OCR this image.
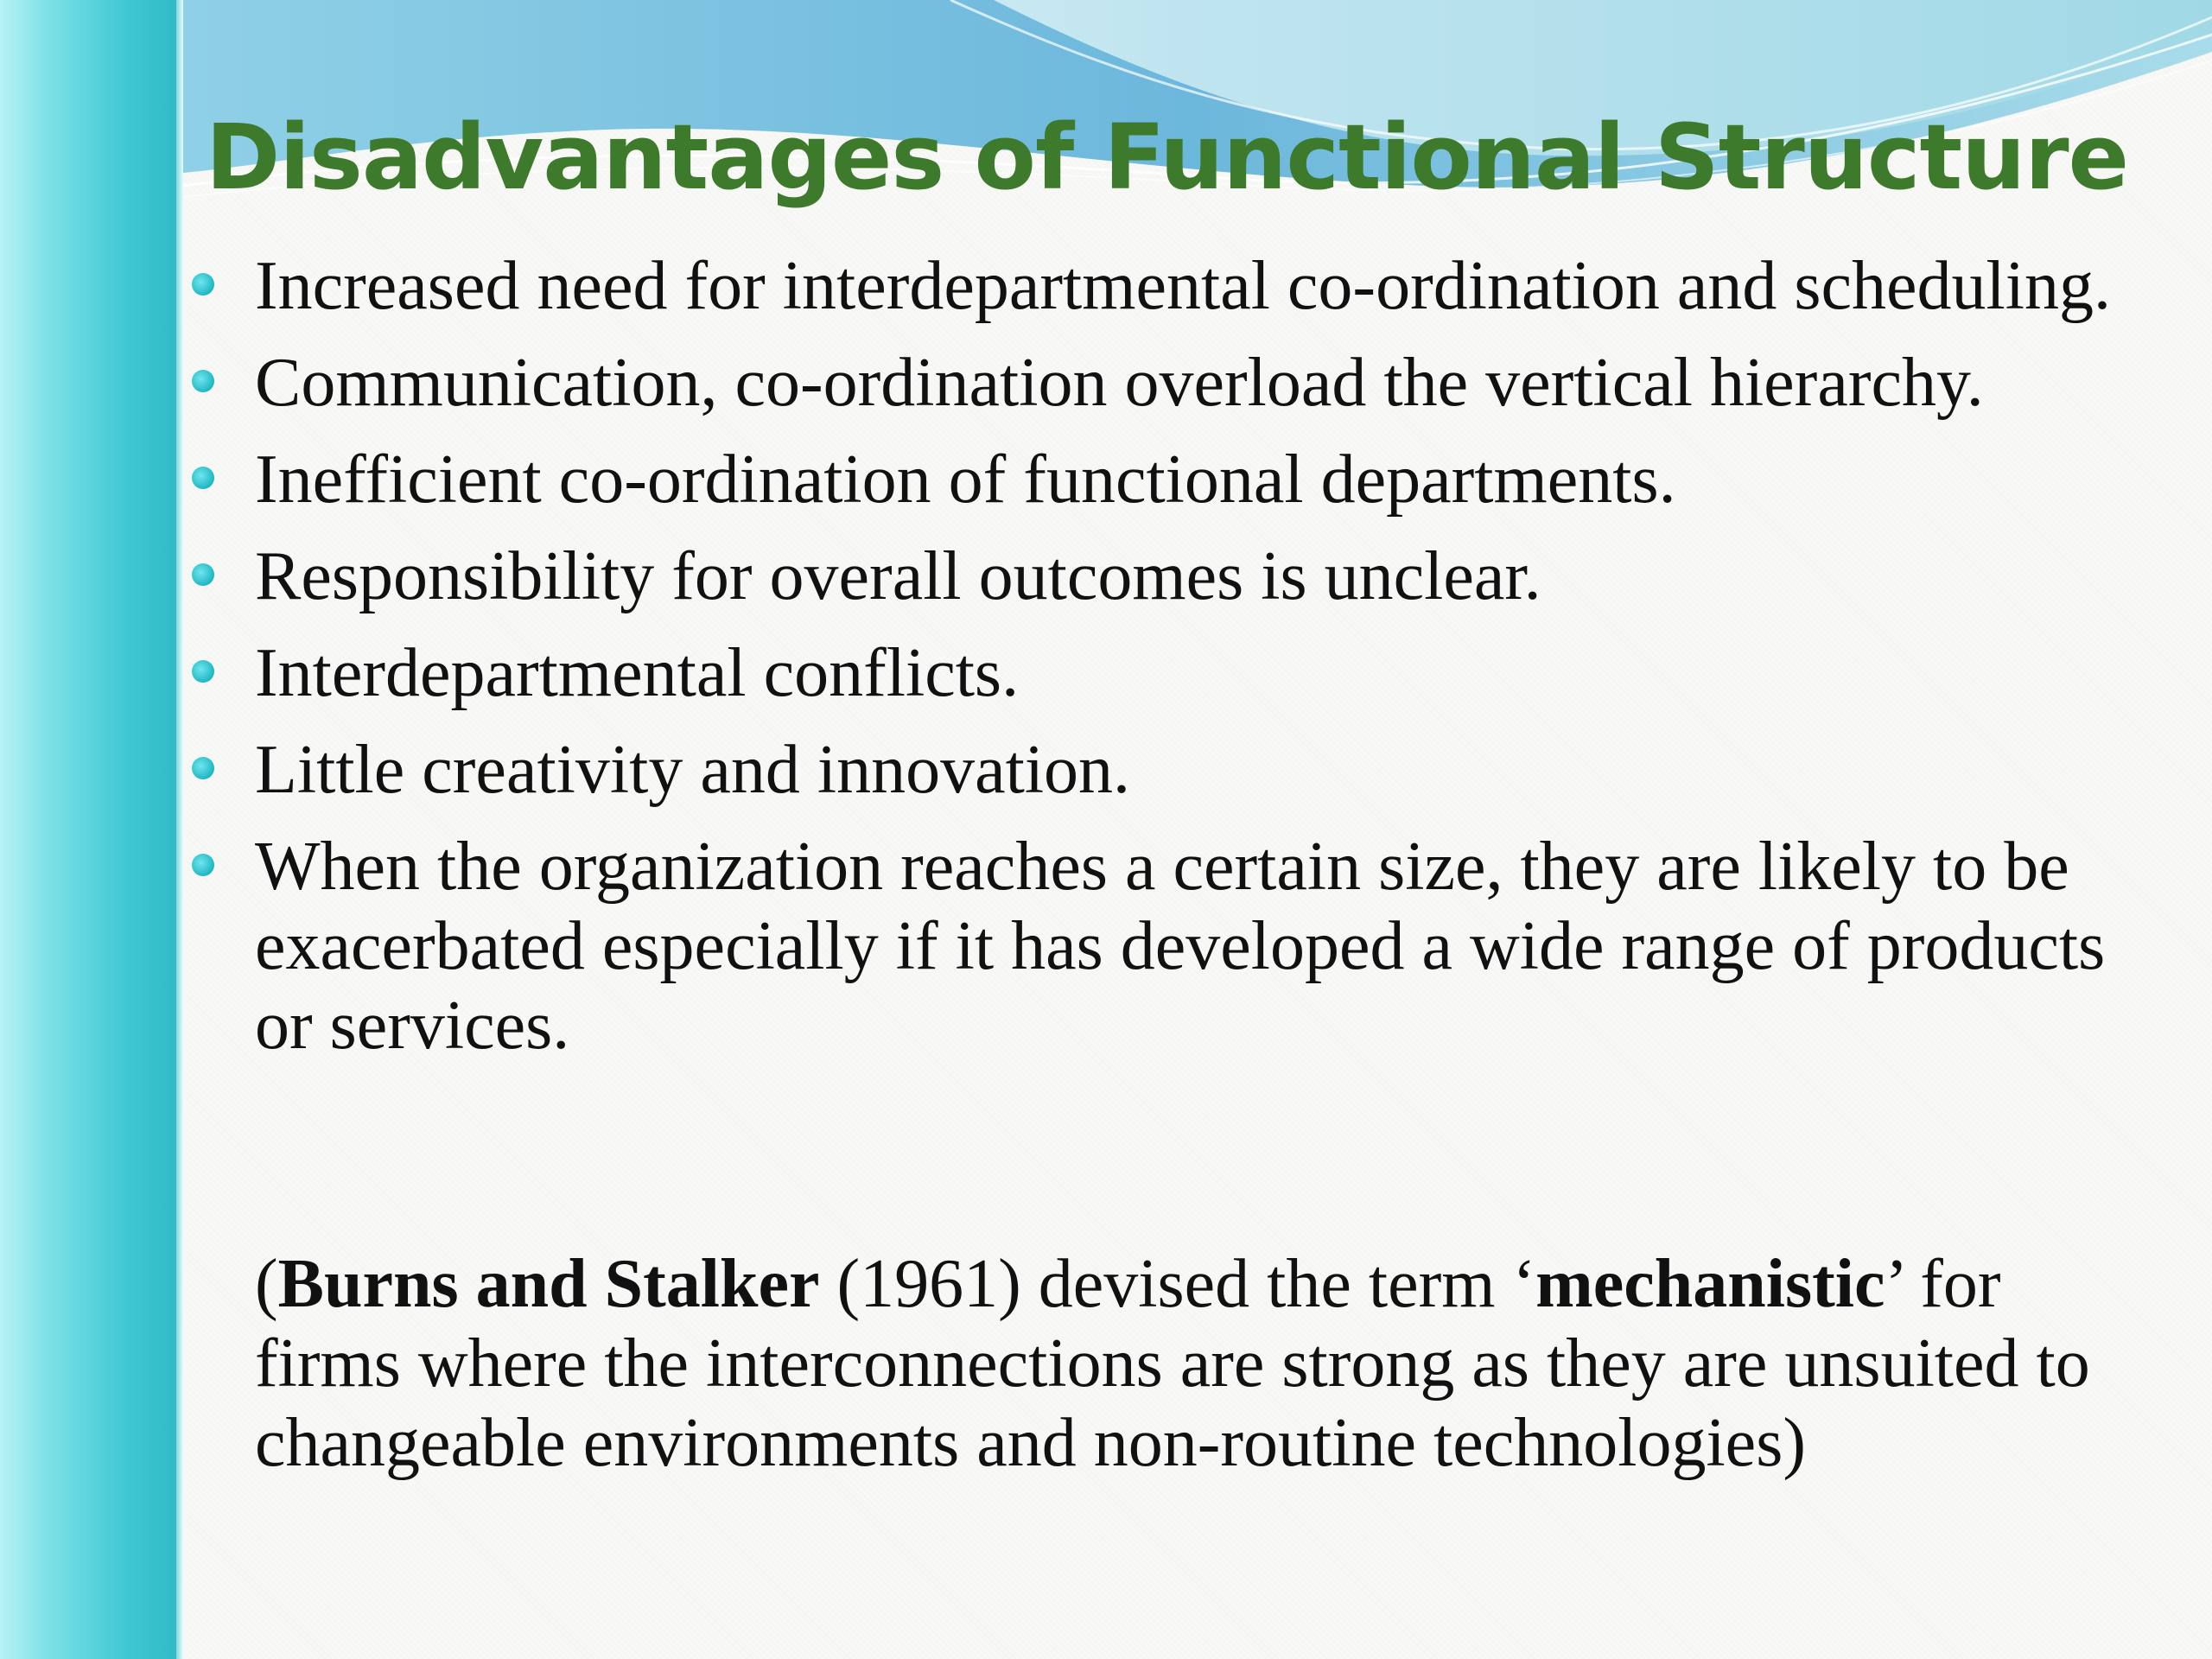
Disadvantages of Functional Structure
Increased need for interdepartmental co-ordination and scheduling.
Communication, co-ordination overload the vertical hierarchy.
Inefficient co-ordination of functional departments.
Responsibility for overall outcomes is unclear.
Interdepartmental conflicts.
Little creativity and innovation.
When the organization reaches a certain size, they are likely to be exacerbated especially if it has developed a wide range of products or services.

(Burns and Stalker (1961) devised the term ‘mechanistic’ for firms where the interconnections are strong as they are unsuited to changeable environments and non-routine technologies)
